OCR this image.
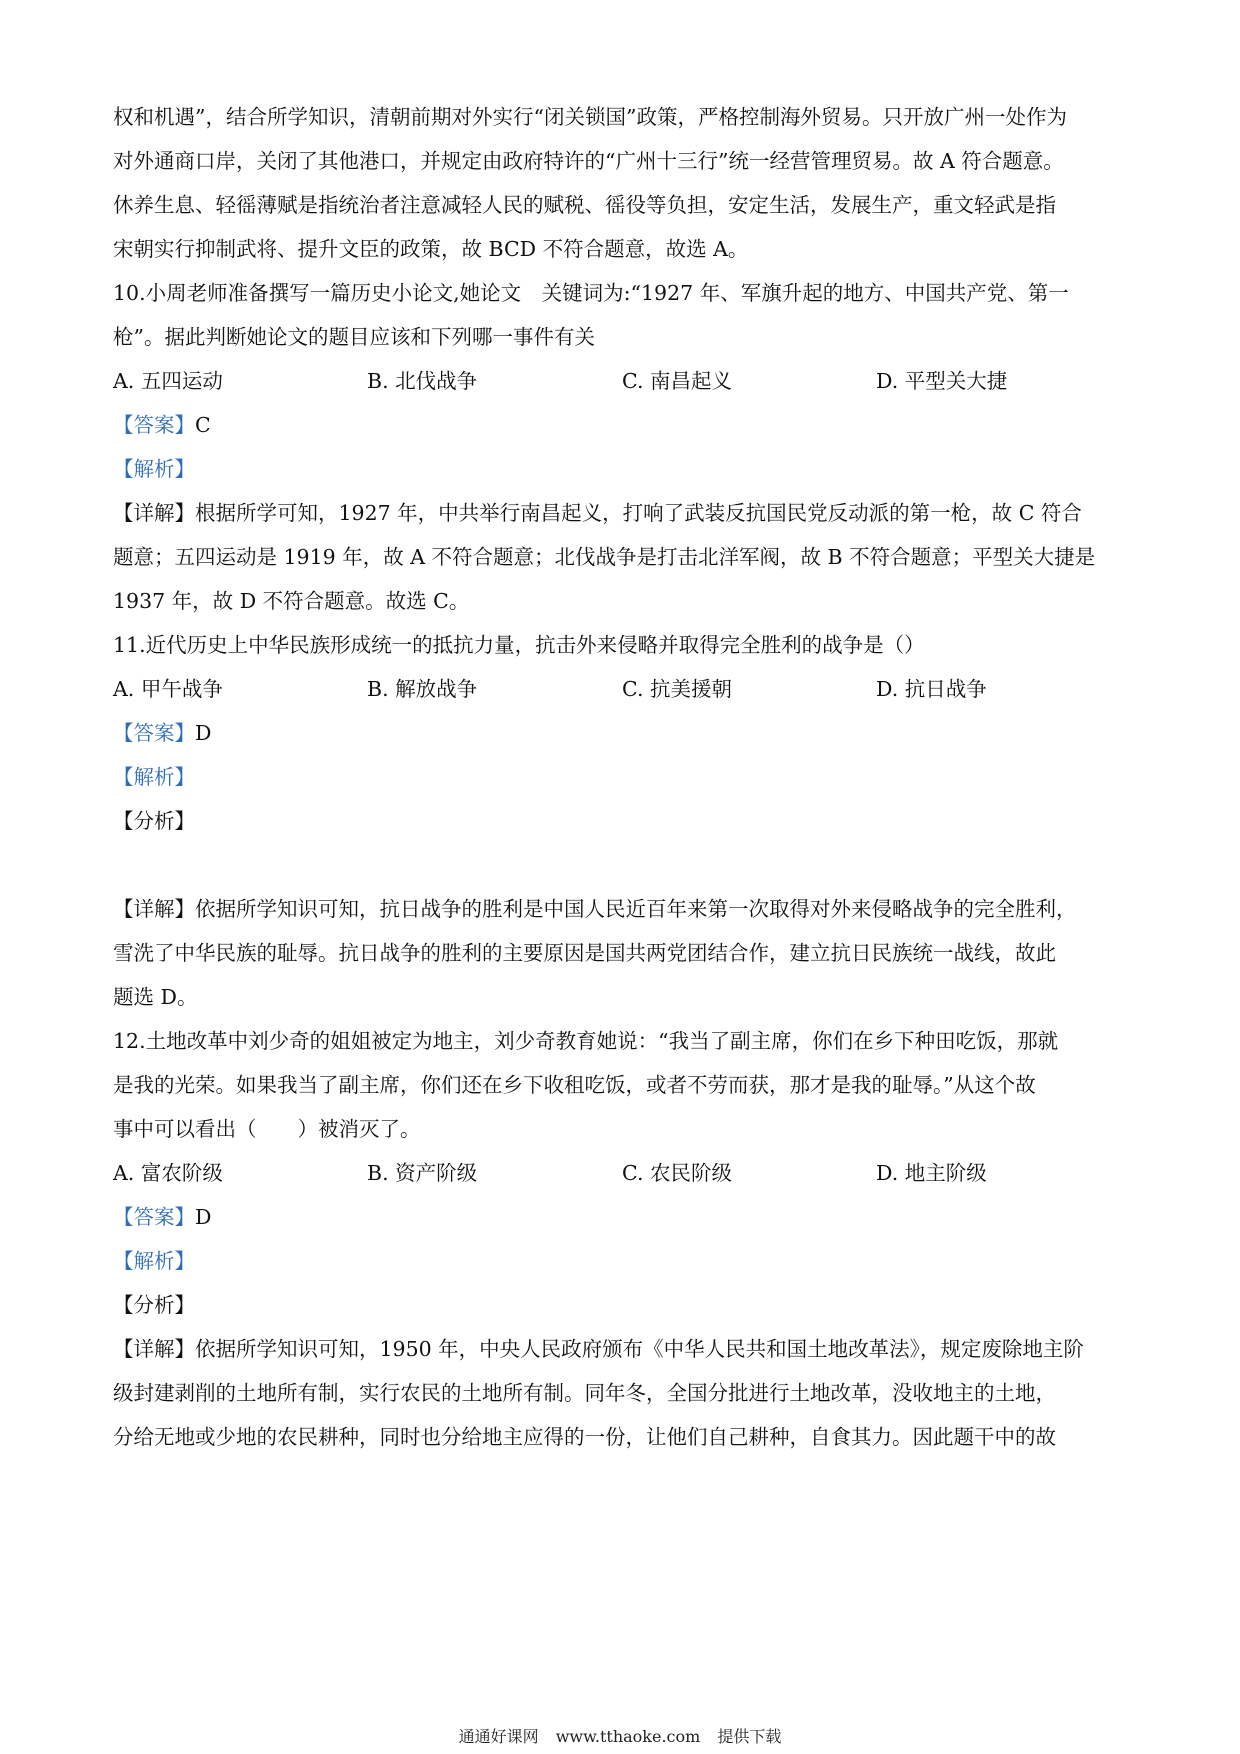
权和机遇”，结合所学知识，清朝前期对外实行“闭关锁国”政策，严格控制海外贸易。只开放广州一处作为
对外通商口岸，关闭了其他港口，并规定由政府特许的“广州十三行”统一经营管理贸易。故 A 符合题意。
休养生息、轻徭薄赋是指统治者注意减轻人民的赋税、徭役等负担，安定生活，发展生产，重文轻武是指
宋朝实行抑制武将、提升文臣的政策，故 BCD 不符合题意，故选 A。
10.小周老师准备撰写一篇历史小论文,她论文　关键词为:“1927 年、军旗升起的地方、中国共产党、第一
枪”。据此判断她论文的题目应该和下列哪一事件有关
A. 五四运动	B. 北伐战争	C. 南昌起义	D. 平型关大捷
【答案】C
【解析】
【详解】根据所学可知，1927 年，中共举行南昌起义，打响了武装反抗国民党反动派的第一枪，故 C 符合
题意；五四运动是 1919 年，故 A 不符合题意；北伐战争是打击北洋军阀，故 B 不符合题意；平型关大捷是
1937 年，故 D 不符合题意。故选 C。
11.近代历史上中华民族形成统一的抵抗力量，抗击外来侵略并取得完全胜利的战争是（）
A. 甲午战争	B. 解放战争	C. 抗美援朝	D. 抗日战争
【答案】D
【解析】
【分析】
【详解】依据所学知识可知，抗日战争的胜利是中国人民近百年来第一次取得对外来侵略战争的完全胜利，
雪洗了中华民族的耻辱。抗日战争的胜利的主要原因是国共两党团结合作，建立抗日民族统一战线，故此
题选 D。
12.土地改革中刘少奇的姐姐被定为地主，刘少奇教育她说：“我当了副主席，你们在乡下种田吃饭，那就
是我的光荣。如果我当了副主席，你们还在乡下收租吃饭，或者不劳而获，那才是我的耻辱。”从这个故
事中可以看出（　　）被消灭了。
A. 富农阶级	B. 资产阶级	C. 农民阶级	D. 地主阶级
【答案】D
【解析】
【分析】
【详解】依据所学知识可知，1950 年，中央人民政府颁布《中华人民共和国土地改革法》，规定废除地主阶
级封建剥削的土地所有制，实行农民的土地所有制。同年冬，全国分批进行土地改革，没收地主的土地，
分给无地或少地的农民耕种，同时也分给地主应得的一份，让他们自己耕种，自食其力。因此题干中的故
通通好课网 www.tthaoke.com 提供下载
